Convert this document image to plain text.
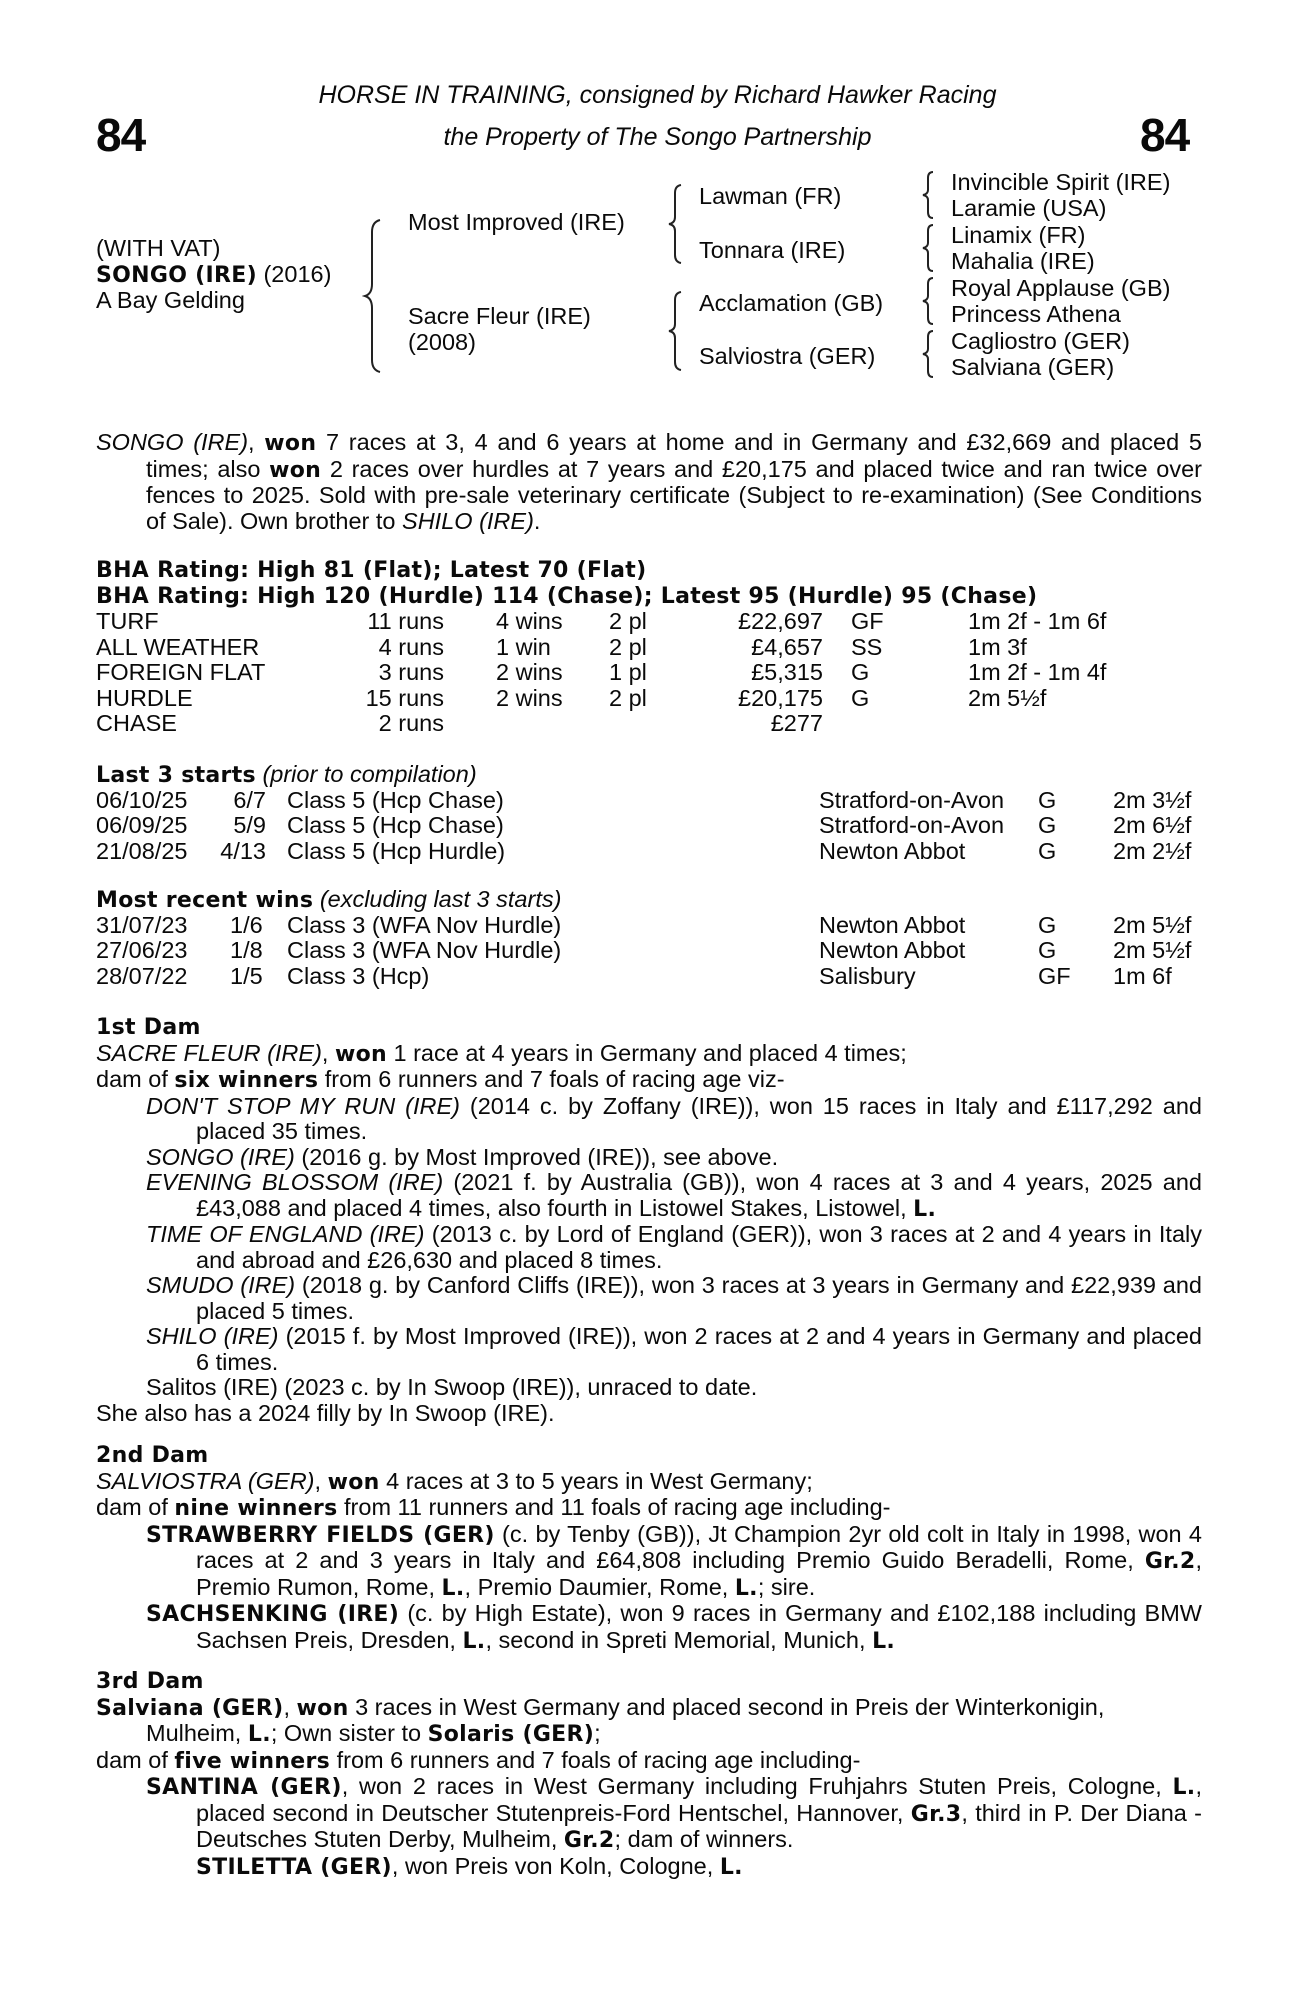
84	84
HORSE IN TRAINING, consigned by Richard Hawker Racing
the Property of The Songo Partnership
(WITH VAT)
SONGO (IRE) (2016)
A Bay Gelding
Most Improved (IRE)
Sacre Fleur (IRE)
(2008)
Lawman (FR)
Tonnara (IRE)
Acclamation (GB)
Salviostra (GER)
Invincible Spirit (IRE)
Laramie (USA)
Linamix (FR)
Mahalia (IRE)
Royal Applause (GB)
Princess Athena
Cagliostro (GER)
Salviana (GER)
SONGO (IRE), won 7 races at 3, 4 and 6 years at home and in Germany and £32,669 and placed 5 times; also won 2 races over hurdles at 7 years and £20,175 and placed twice and ran twice over fences to 2025. Sold with pre-sale veterinary certificate (Subject to re-examination) (See Conditions of Sale). Own brother to SHILO (IRE).
BHA Rating: High 81 (Flat); Latest 70 (Flat)
BHA Rating: High 120 (Hurdle) 114 (Chase); Latest 95 (Hurdle) 95 (Chase)
TURF	11 runs 4 wins 2 pl	£22,697 GF	1m 2f - 1m 6f
ALL WEATHER	4 runs 1 win 2 pl	£4,657 SS	1m 3f
FOREIGN FLAT	3 runs 2 wins 1 pl	£5,315 G	1m 2f - 1m 4f
HURDLE	15 runs 2 wins 2 pl	£20,175 G	2m 5½f
CHASE	2 runs	£277
Last 3 starts (prior to compilation)
06/10/25 6/7 Class 5 (Hcp Chase)	Stratford-on-Avon G 2m 3½f
06/09/25 5/9 Class 5 (Hcp Chase)	Stratford-on-Avon G 2m 6½f
21/08/25 4/13 Class 5 (Hcp Hurdle)	Newton Abbot	G 2m 2½f
Most recent wins (excluding last 3 starts)
31/07/23 1/6 Class 3 (WFA Nov Hurdle)	Newton Abbot	G 2m 5½f
27/06/23 1/8 Class 3 (WFA Nov Hurdle)	Newton Abbot	G 2m 5½f
28/07/22 1/5 Class 3 (Hcp)	Salisbury	GF 1m 6f
1st Dam
SACRE FLEUR (IRE), won 1 race at 4 years in Germany and placed 4 times;
dam of six winners from 6 runners and 7 foals of racing age viz-
DON'T STOP MY RUN (IRE) (2014 c. by Zoffany (IRE)), won 15 races in Italy and £117,292 and placed 35 times.
SONGO (IRE) (2016 g. by Most Improved (IRE)), see above.
EVENING BLOSSOM (IRE) (2021 f. by Australia (GB)), won 4 races at 3 and 4 years, 2025 and £43,088 and placed 4 times, also fourth in Listowel Stakes, Listowel, L.
TIME OF ENGLAND (IRE) (2013 c. by Lord of England (GER)), won 3 races at 2 and 4 years in Italy and abroad and £26,630 and placed 8 times.
SMUDO (IRE) (2018 g. by Canford Cliffs (IRE)), won 3 races at 3 years in Germany and £22,939 and placed 5 times.
SHILO (IRE) (2015 f. by Most Improved (IRE)), won 2 races at 2 and 4 years in Germany and placed 6 times.
Salitos (IRE) (2023 c. by In Swoop (IRE)), unraced to date.
She also has a 2024 filly by In Swoop (IRE).
2nd Dam
SALVIOSTRA (GER), won 4 races at 3 to 5 years in West Germany;
dam of nine winners from 11 runners and 11 foals of racing age including-
STRAWBERRY FIELDS (GER) (c. by Tenby (GB)), Jt Champion 2yr old colt in Italy in 1998, won 4 races at 2 and 3 years in Italy and £64,808 including Premio Guido Beradelli, Rome, Gr.2, Premio Rumon, Rome, L., Premio Daumier, Rome, L.; sire.
SACHSENKING (IRE) (c. by High Estate), won 9 races in Germany and £102,188 including BMW Sachsen Preis, Dresden, L., second in Spreti Memorial, Munich, L.
3rd Dam
Salviana (GER), won 3 races in West Germany and placed second in Preis der Winterkonigin, Mulheim, L.; Own sister to Solaris (GER);
dam of five winners from 6 runners and 7 foals of racing age including-
SANTINA (GER), won 2 races in West Germany including Fruhjahrs Stuten Preis, Cologne, L., placed second in Deutscher Stutenpreis-Ford Hentschel, Hannover, Gr.3, third in P. Der Diana - Deutsches Stuten Derby, Mulheim, Gr.2; dam of winners.
STILETTA (GER), won Preis von Koln, Cologne, L.
